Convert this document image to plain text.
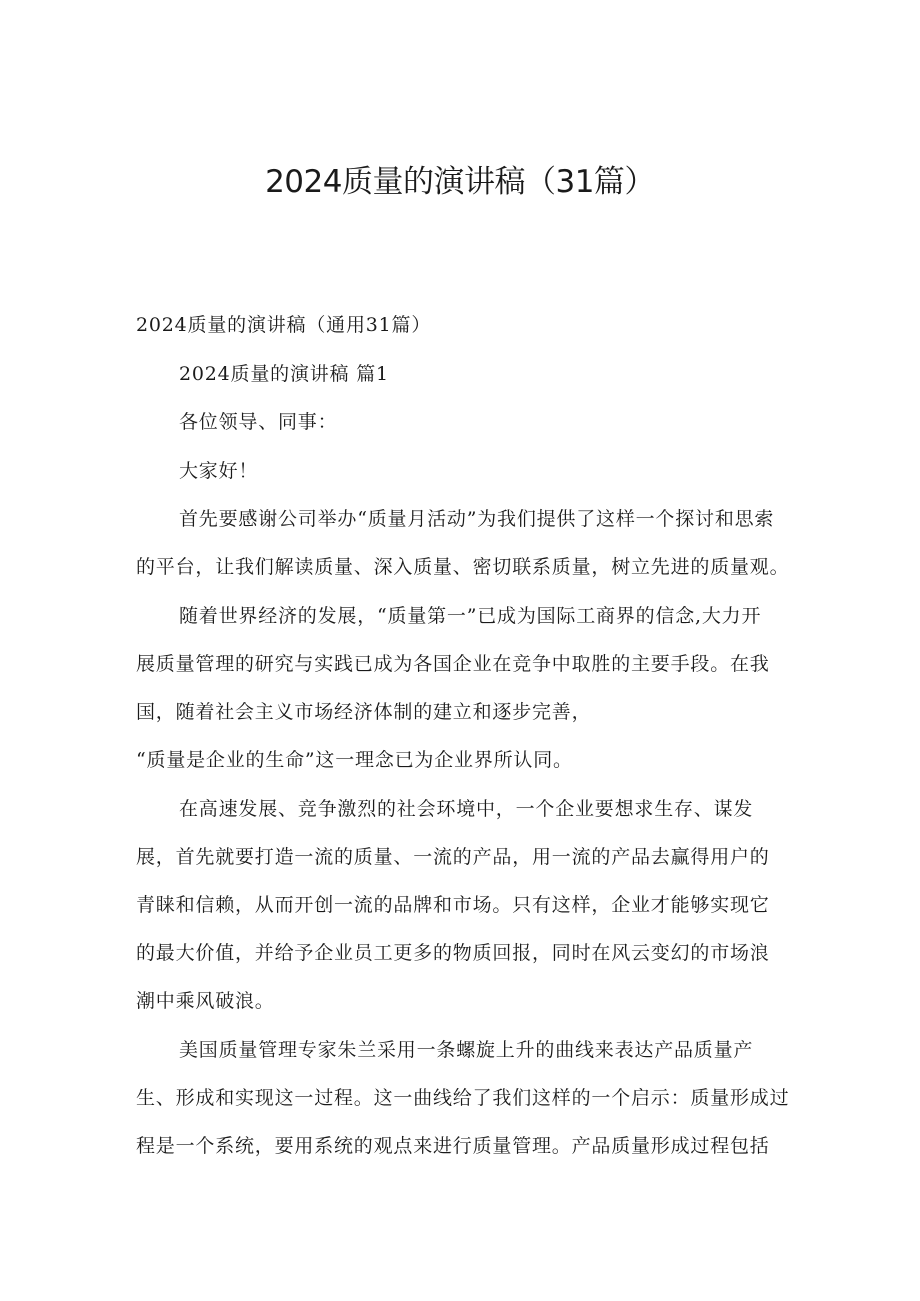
2024质量的演讲稿（31篇）
2024质量的演讲稿（通用31篇）
2024质量的演讲稿 篇1
各位领导、同事：
大家好！
首先要感谢公司举办“质量月活动”为我们提供了这样一个探讨和思索
的平台，让我们解读质量、深入质量、密切联系质量，树立先进的质量观。
随着世界经济的发展，“质量第一”已成为国际工商界的信念,大力开
展质量管理的研究与实践已成为各国企业在竞争中取胜的主要手段。在我
国，随着社会主义市场经济体制的建立和逐步完善，
“质量是企业的生命”这一理念已为企业界所认同。
在高速发展、竞争激烈的社会环境中，一个企业要想求生存、谋发
展，首先就要打造一流的质量、一流的产品，用一流的产品去赢得用户的
青睐和信赖，从而开创一流的品牌和市场。只有这样，企业才能够实现它
的最大价值，并给予企业员工更多的物质回报，同时在风云变幻的市场浪
潮中乘风破浪。
美国质量管理专家朱兰采用一条螺旋上升的曲线来表达产品质量产
生、形成和实现这一过程。这一曲线给了我们这样的一个启示：质量形成过
程是一个系统，要用系统的观点来进行质量管理。产品质量形成过程包括
